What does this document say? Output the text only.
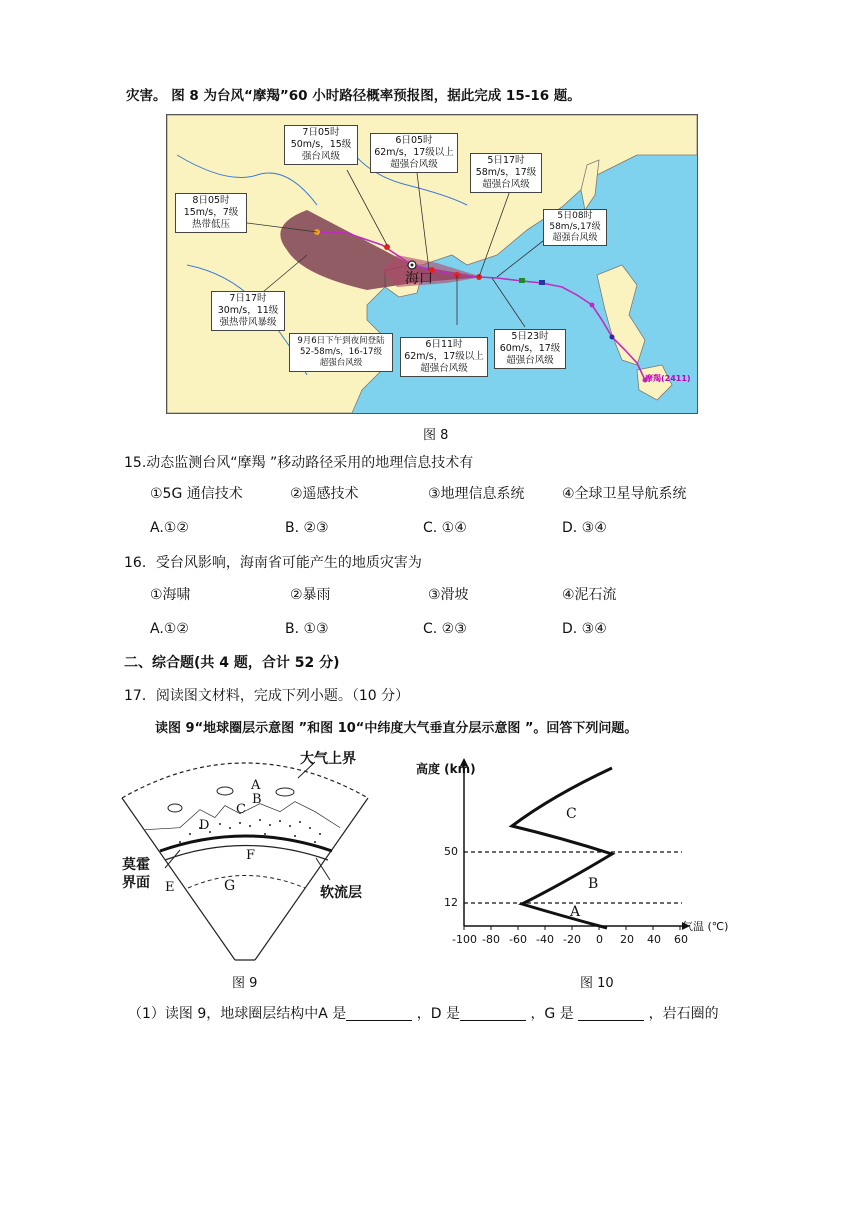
灾害。 图 8 为台风“摩羯”60 小时路径概率预报图，据此完成 15-16 题。
海口
摩羯(2411)
7日05时
50m/s，15级
强台风级
6日05时
62m/s，17级以上
超强台风级	5日17时
58m/s，17级
超强台风级
8日05时
15m/s，7级
热带低压
5日08时
58m/s,17级
超强台风级
7日17时
30m/s，11级
强热带风暴级
9月6日下午到夜间登陆
52-58m/s，16-17级
超强台风级
6日11时
62m/s，17级以上
超强台风级
5日23时
60m/s，17级
超强台风级
图 8
15.动态监测台风“摩羯 ”移动路径采用的地理信息技术有
①5G 通信技术	②遥感技术	③地理信息系统	④全球卫星导航系统
A.①②	B. ②③	C. ①④	D. ③④
16．受台风影响，海南省可能产生的地质灾害为
①海啸	②暴雨	③滑坡	④泥石流
A.①②	B. ①③	C. ②③	D. ③④
二、综合题(共 4 题，合计 52 分)
17．阅读图文材料，完成下列小题。（10 分）
读图 9“地球圈层示意图 ”和图 10“中纬度大气垂直分层示意图 ”。回答下列问题。
大气上界
A
B
C
D
E
F
G
莫霍
界面
软流层
图 9
高度 (km)
50
12
C
B
A
气温 (℃)
-100 -80 -60 -40 -20 0 20 40 60
图 10
（1）读图 9，地球圈层结构中A 是	，D 是	，G 是	，岩石圈的
